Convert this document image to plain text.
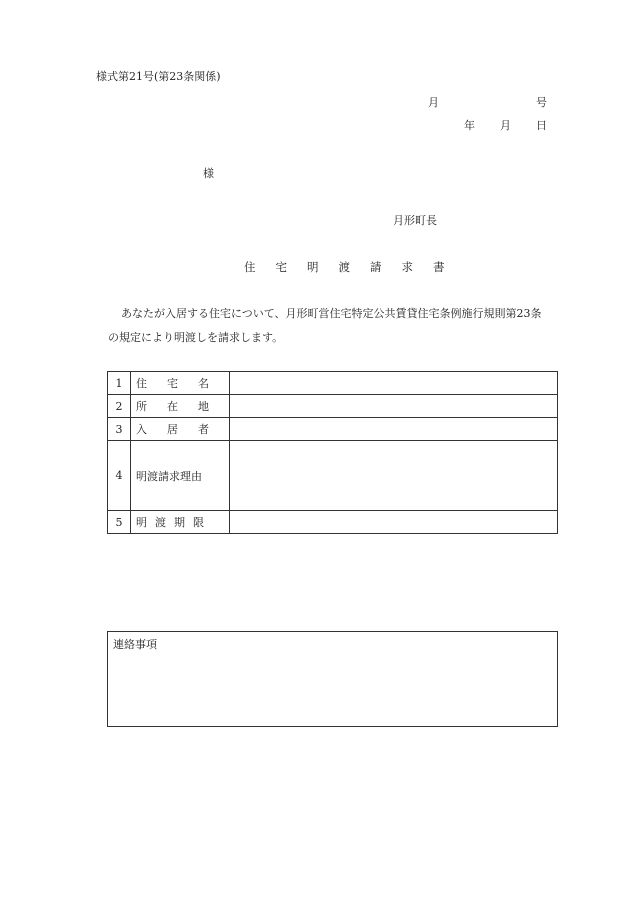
様式第21号(第23条関係)
月	号
年 月 日
様
月形町長
住宅明渡請求書
あなたが入居する住宅について、月形町営住宅特定公共賃貸住宅条例施行規則第23条
の規定により明渡しを請求します。
1	住宅名	
2	所在地	
3	入居者	
4	明渡請求理由	
5	明渡期限	
連絡事項
